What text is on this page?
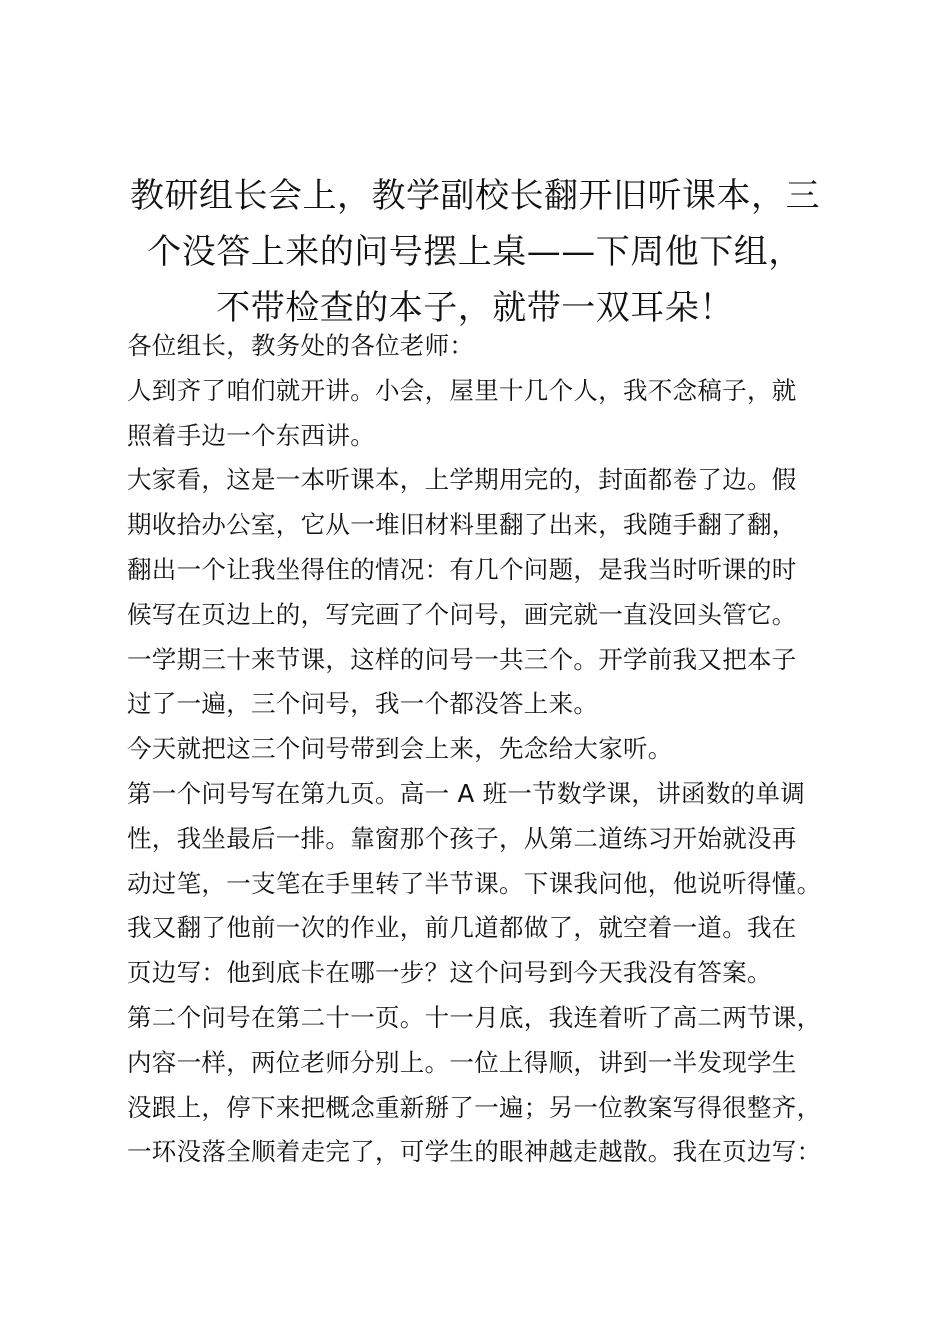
教研组长会上，教学副校长翻开旧听课本，三
个没答上来的问号摆上桌——下周他下组，
不带检查的本子，就带一双耳朵！
各位组长，教务处的各位老师：
人到齐了咱们就开讲。小会，屋里十几个人，我不念稿子，就
照着手边一个东西讲。
大家看，这是一本听课本，上学期用完的，封面都卷了边。假
期收拾办公室，它从一堆旧材料里翻了出来，我随手翻了翻，
翻出一个让我坐得住的情况：有几个问题，是我当时听课的时
候写在页边上的，写完画了个问号，画完就一直没回头管它。
一学期三十来节课，这样的问号一共三个。开学前我又把本子
过了一遍，三个问号，我一个都没答上来。
今天就把这三个问号带到会上来，先念给大家听。
第一个问号写在第九页。高一 A 班一节数学课，讲函数的单调
性，我坐最后一排。靠窗那个孩子，从第二道练习开始就没再
动过笔，一支笔在手里转了半节课。下课我问他，他说听得懂。
我又翻了他前一次的作业，前几道都做了，就空着一道。我在
页边写：他到底卡在哪一步？这个问号到今天我没有答案。
第二个问号在第二十一页。十一月底，我连着听了高二两节课，
内容一样，两位老师分别上。一位上得顺，讲到一半发现学生
没跟上，停下来把概念重新掰了一遍；另一位教案写得很整齐，
一环没落全顺着走完了，可学生的眼神越走越散。我在页边写：
